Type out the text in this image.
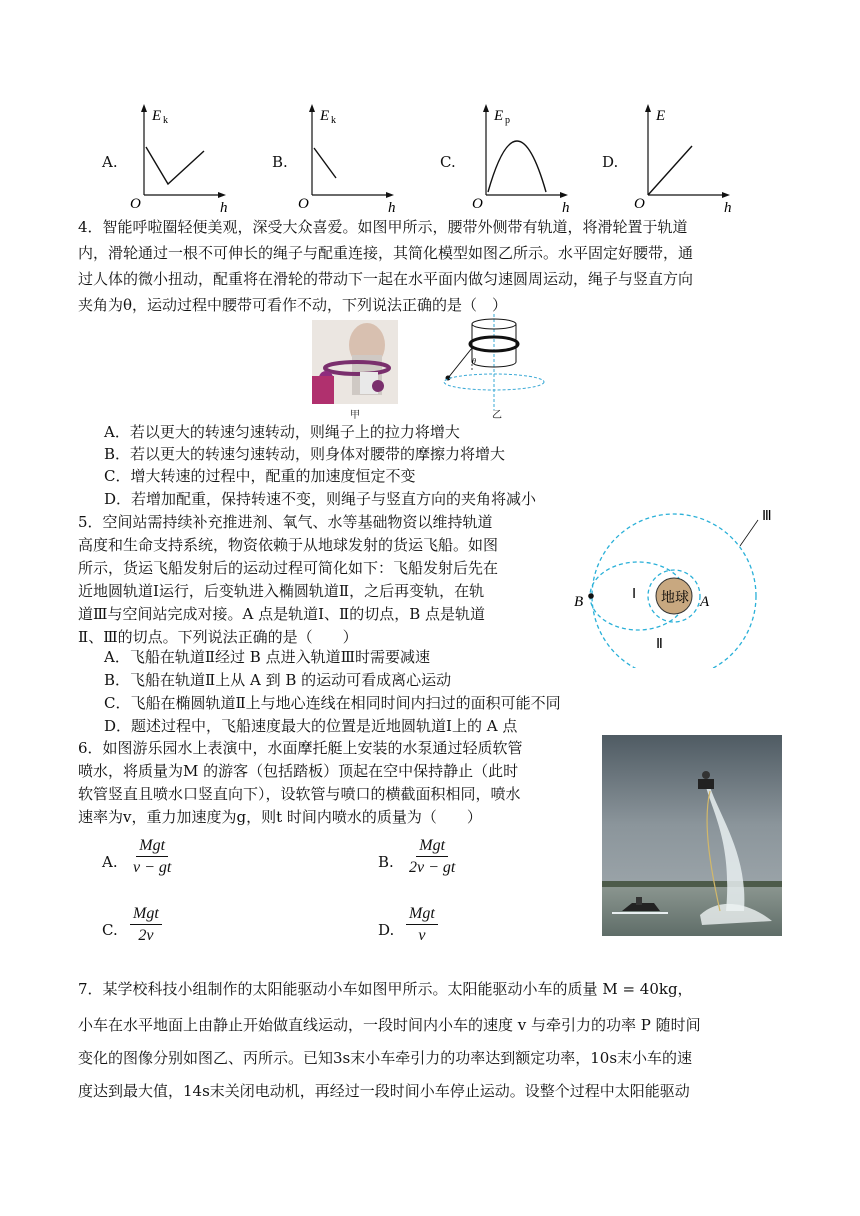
A.
E k
O	h
B.
E k
O	h
C.
E p
O	h
D.
E
O	h
4．智能呼啦圈轻便美观，深受大众喜爱。如图甲所示，腰带外侧带有轨道，将滑轮置于轨道
内，滑轮通过一根不可伸长的绳子与配重连接，其简化模型如图乙所示。水平固定好腰带，通
过人体的微小扭动，配重将在滑轮的带动下一起在水平面内做匀速圆周运动，绳子与竖直方向
夹角为θ，运动过程中腰带可看作不动，下列说法正确的是（　）
甲
θ
乙
A．若以更大的转速匀速转动，则绳子上的拉力将增大
B．若以更大的转速匀速转动，则身体对腰带的摩擦力将增大
C．增大转速的过程中，配重的加速度恒定不变
D．若增加配重，保持转速不变，则绳子与竖直方向的夹角将减小
5．空间站需持续补充推进剂、氧气、水等基础物资以维持轨道
高度和生命支持系统，物资依赖于从地球发射的货运飞船。如图
所示，货运飞船发射后的运动过程可简化如下：飞船发射后先在
近地圆轨道Ⅰ运行，后变轨进入椭圆轨道Ⅱ，之后再变轨，在轨
道Ⅲ与空间站完成对接。A 点是轨道Ⅰ、Ⅱ的切点，B 点是轨道
Ⅱ、Ⅲ的切点。下列说法正确的是（　　）
地球 A
B	Ⅰ
Ⅱ
Ⅲ
A．飞船在轨道Ⅱ经过 B 点进入轨道Ⅲ时需要减速
B．飞船在轨道Ⅱ上从 A 到 B 的运动可看成离心运动
C．飞船在椭圆轨道Ⅱ上与地心连线在相同时间内扫过的面积可能不同
D．题述过程中，飞船速度最大的位置是近地圆轨道Ⅰ上的 A 点
6．如图游乐园水上表演中，水面摩托艇上安装的水泵通过轻质软管
喷水，将质量为M 的游客（包括踏板）顶起在空中保持静止（此时
软管竖直且喷水口竖直向下），设软管与喷口的横截面积相同，喷水
速率为v，重力加速度为g，则t 时间内喷水的质量为（　　）
A.
Mgt
v − gt	B.
Mgt
2v − gt
C.
Mgt
2v	D.
Mgt
v
7．某学校科技小组制作的太阳能驱动小车如图甲所示。太阳能驱动小车的质量 M = 40kg，
小车在水平地面上由静止开始做直线运动，一段时间内小车的速度 v 与牵引力的功率 P 随时间
变化的图像分别如图乙、丙所示。已知3s末小车牵引力的功率达到额定功率，10s末小车的速
度达到最大值，14s末关闭电动机，再经过一段时间小车停止运动。设整个过程中太阳能驱动
